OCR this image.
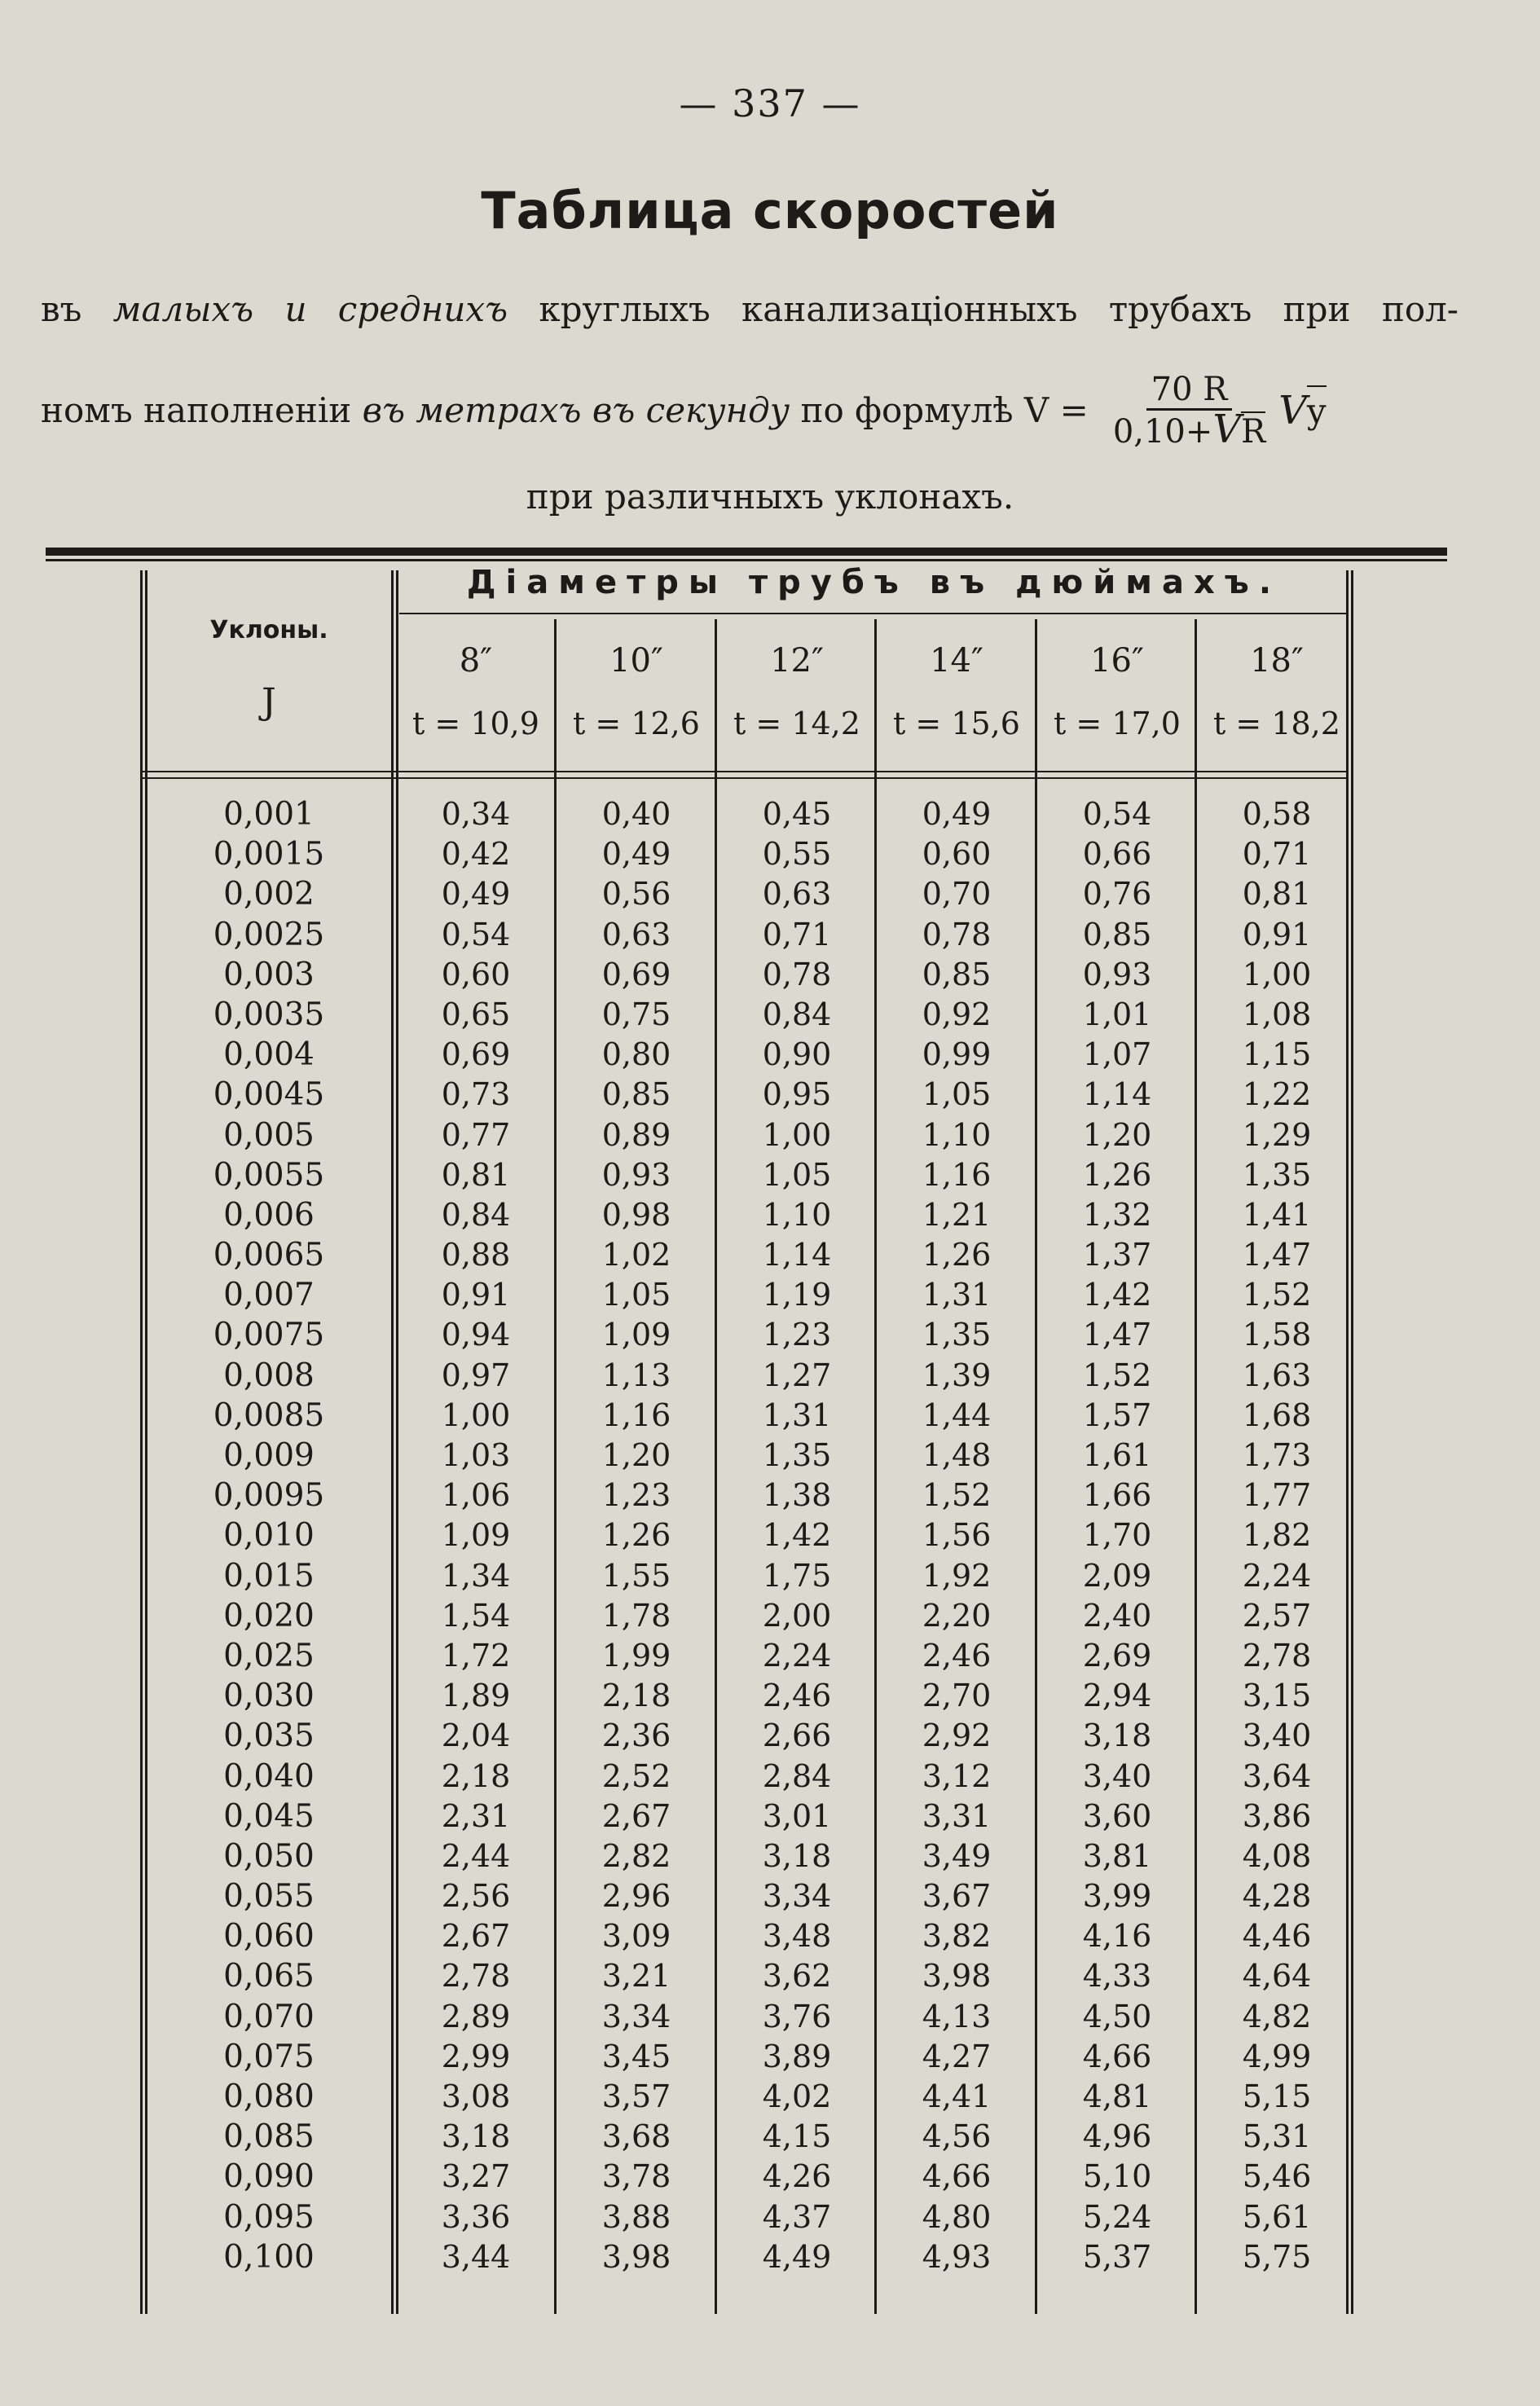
— 337 —
Таблица скоростей
въ малыхъ и среднихъ круглыхъ канализаціонныхъ трубахъ при пол-
номъ наполненіи
въ метрахъ въ секунду
по формулѣ $V = \frac{70 R}{0,10+VR}$ V y
при различныхъ уклонахъ.
Діаметры трубъ въ дюймахъ.
Уклоны.
J
8″
t = 10,9
10″
t = 12,6
12″
t = 14,2
14″
t = 15,6
16″
t = 17,0
18″
t = 18,2
0,001
0,0015
0,002
0,0025
0,003
0,0035
0,004
0,0045
0,005
0,0055
0,006
0,0065
0,007
0,0075
0,008
0,0085
0,009
0,0095
0,010
0,015
0,020
0,025
0,030
0,035
0,040
0,045
0,050
0,055
0,060
0,065
0,070
0,075
0,080
0,085
0,090
0,095
0,100
0,34
0,42
0,49
0,54
0,60
0,65
0,69
0,73
0,77
0,81
0,84
0,88
0,91
0,94
0,97
1,00
1,03
1,06
1,09
1,34
1,54
1,72
1,89
2,04
2,18
2,31
2,44
2,56
2,67
2,78
2,89
2,99
3,08
3,18
3,27
3,36
3,44
0,40
0,49
0,56
0,63
0,69
0,75
0,80
0,85
0,89
0,93
0,98
1,02
1,05
1,09
1,13
1,16
1,20
1,23
1,26
1,55
1,78
1,99
2,18
2,36
2,52
2,67
2,82
2,96
3,09
3,21
3,34
3,45
3,57
3,68
3,78
3,88
3,98
0,45
0,55
0,63
0,71
0,78
0,84
0,90
0,95
1,00
1,05
1,10
1,14
1,19
1,23
1,27
1,31
1,35
1,38
1,42
1,75
2,00
2,24
2,46
2,66
2,84
3,01
3,18
3,34
3,48
3,62
3,76
3,89
4,02
4,15
4,26
4,37
4,49
0,49
0,60
0,70
0,78
0,85
0,92
0,99
1,05
1,10
1,16
1,21
1,26
1,31
1,35
1,39
1,44
1,48
1,52
1,56
1,92
2,20
2,46
2,70
2,92
3,12
3,31
3,49
3,67
3,82
3,98
4,13
4,27
4,41
4,56
4,66
4,80
4,93
0,54
0,66
0,76
0,85
0,93
1,01
1,07
1,14
1,20
1,26
1,32
1,37
1,42
1,47
1,52
1,57
1,61
1,66
1,70
2,09
2,40
2,69
2,94
3,18
3,40
3,60
3,81
3,99
4,16
4,33
4,50
4,66
4,81
4,96
5,10
5,24
5,37
0,58
0,71
0,81
0,91
1,00
1,08
1,15
1,22
1,29
1,35
1,41
1,47
1,52
1,58
1,63
1,68
1,73
1,77
1,82
2,24
2,57
2,78
3,15
3,40
3,64
3,86
4,08
4,28
4,46
4,64
4,82
4,99
5,15
5,31
5,46
5,61
5,75
